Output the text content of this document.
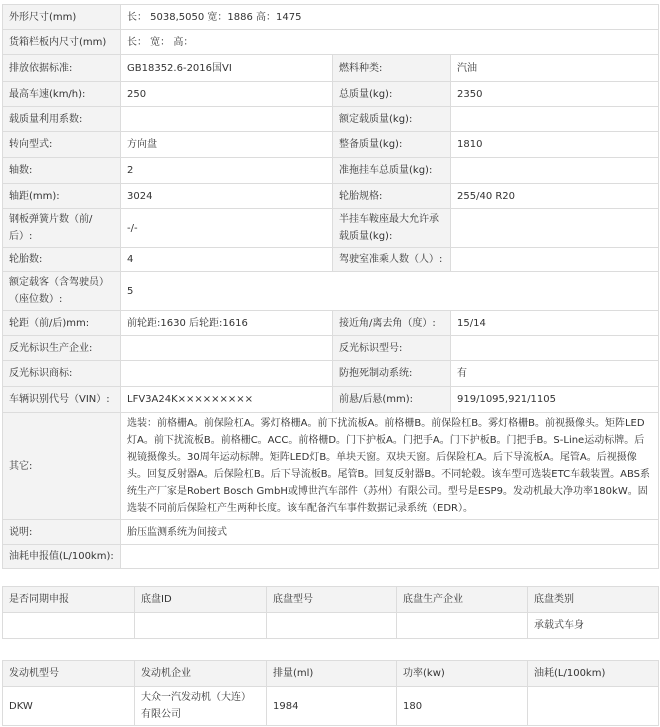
外形尺寸(mm)	长： 5038,5050 宽：1886 高：1475		
货箱栏板内尺寸(mm)	长： 宽： 高：		
排放依据标准:	GB18352.6-2016国VI	燃料种类:	汽油
最高车速(km/h):	250	总质量(kg):	2350
载质量利用系数:		额定载质量(kg):	
转向型式:	方向盘	整备质量(kg):	1810
轴数:	2	准拖挂车总质量(kg):	
轴距(mm):	3024	轮胎规格:	255/40 R20
钢板弹簧片数（前/后）:	-/-	半挂车鞍座最大允许承载质量(kg):	
轮胎数:	4	驾驶室准乘人数（人）:	
额定载客（含驾驶员）（座位数）:	5		
轮距（前/后)mm:	前轮距:1630 后轮距:1616	接近角/离去角（度）:	15/14
反光标识生产企业:		反光标识型号:	
反光标识商标:		防抱死制动系统:	有
车辆识别代号（VIN）:	LFV3A24K×××××××××	前悬/后悬(mm):	919/1095,921/1105
其它:	选装：前格栅A。前保险杠A。雾灯格栅A。前下扰流板A。前格栅B。前保险杠B。雾灯格栅B。前视摄像头。矩阵LED灯A。前下扰流板B。前格栅C。ACC。前格栅D。门下护板A。门把手A。门下护板B。门把手B。S-Line运动标牌。后视镜摄像头。30周年运动标牌。矩阵LED灯B。单块天窗。双块天窗。后保险杠A。后下导流板A。尾管A。后视摄像头。回复反射器A。后保险杠B。后下导流板B。尾管B。回复反射器B。不同轮毂。该车型可选装ETC车载装置。ABS系统生产厂家是Robert Bosch GmbH或博世汽车部件（苏州）有限公司。型号是ESP9。发动机最大净功率180kW。固选装不同前后保险杠产生两种长度。该车配备汽车事件数据记录系统（EDR）。		
说明:	胎压监测系统为间接式		
油耗申报值(L/100km):			
是否同期申报	底盘ID	底盘型号	底盘生产企业	底盘类别
				承载式车身
发动机型号	发动机企业	排量(ml)	功率(kw)	油耗(L/100km)
DKW	大众一汽发动机（大连）有限公司	1984	180	
